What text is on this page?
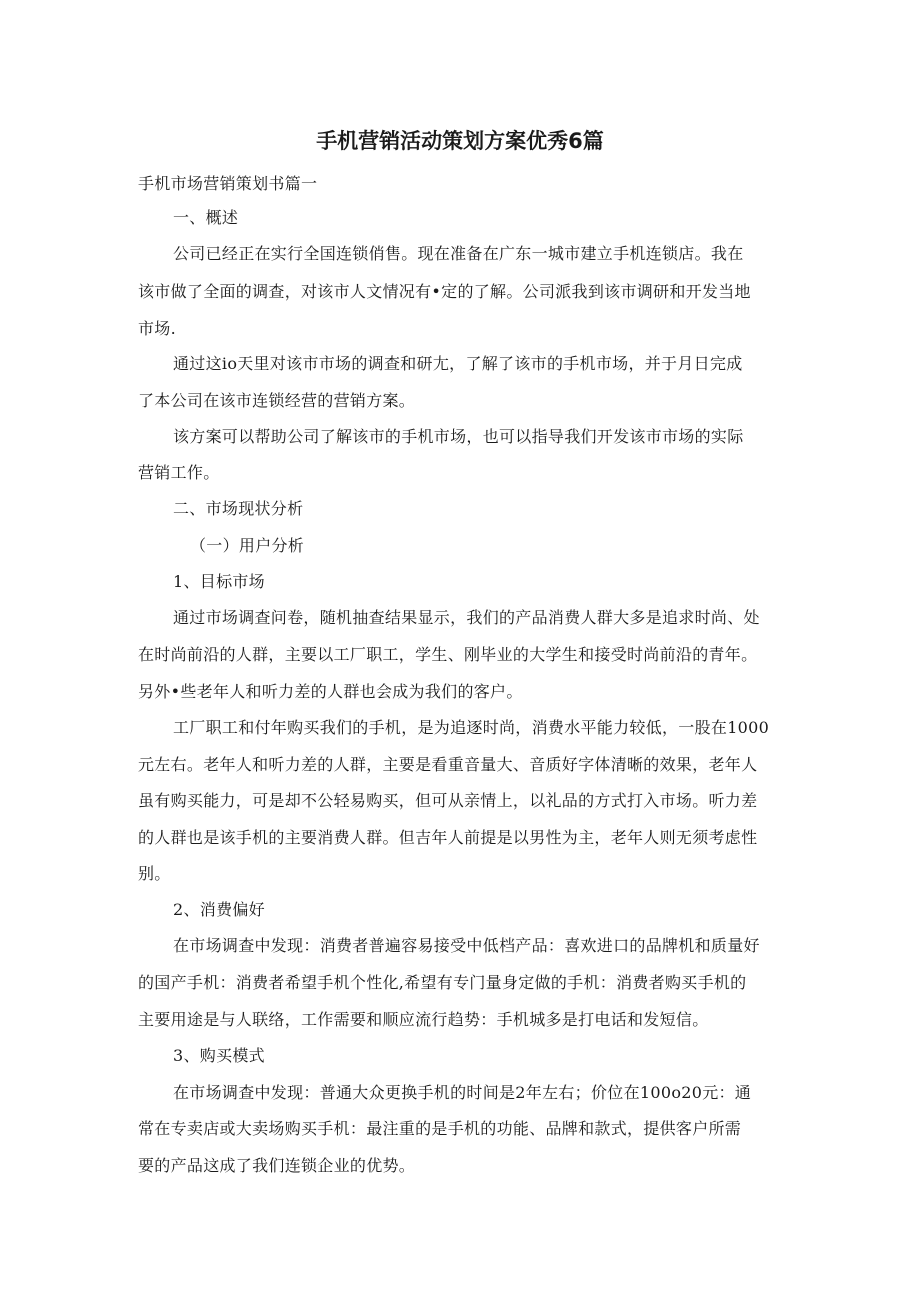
手机营销活动策划方案优秀6篇
手机市场营销策划书篇一
一、概述
公司已经正在实行全国连锁俏售。现在准备在广东一城市建立手机连锁店。我在
该市做了全面的调查，对该市人文情况有•定的了解。公司派我到该市调研和开发当地
市场.
通过这io天里对该市市场的调查和研尢，了解了该市的手机市场，并于月日完成
了本公司在该市连锁经营的营销方案。
该方案可以帮助公司了解该市的手机市场，也可以指导我们开发该市市场的实际
营销工作。
二、市场现状分析
（一）用户分析
1、目标市场
通过市场调查问卷，随机抽查结果显示，我们的产品消费人群大多是追求时尚、处
在时尚前沿的人群，主要以工厂职工，学生、刚毕业的大学生和接受时尚前沿的青年。
另外•些老年人和听力差的人群也会成为我们的客户。
工厂职工和付年购买我们的手机，是为追逐时尚，消费水平能力较低，一股在1000
元左右。老年人和听力差的人群，主要是看重音量大、音质好字体清晰的效果，老年人
虽有购买能力，可是却不公轻易购买，但可从亲情上，以礼品的方式打入市场。听力差
的人群也是该手机的主要消费人群。但吉年人前提是以男性为主，老年人则无须考虑性
别。
2、消费偏好
在市场调查中发现：消费者普遍容易接受中低档产品：喜欢进口的品牌机和质量好
的国产手机：消费者希望手机个性化,希望有专门量身定做的手机：消费者购买手机的
主要用途是与人联络，工作需要和顺应流行趋势：手机城多是打电话和发短信。
3、购买模式
在市场调查中发现：普通大众更换手机的时间是2年左右；价位在100o20元：通
常在专卖店或大卖场购买手机：最注重的是手机的功能、品牌和款式，提供客户所需
要的产品这成了我们连锁企业的优势。
